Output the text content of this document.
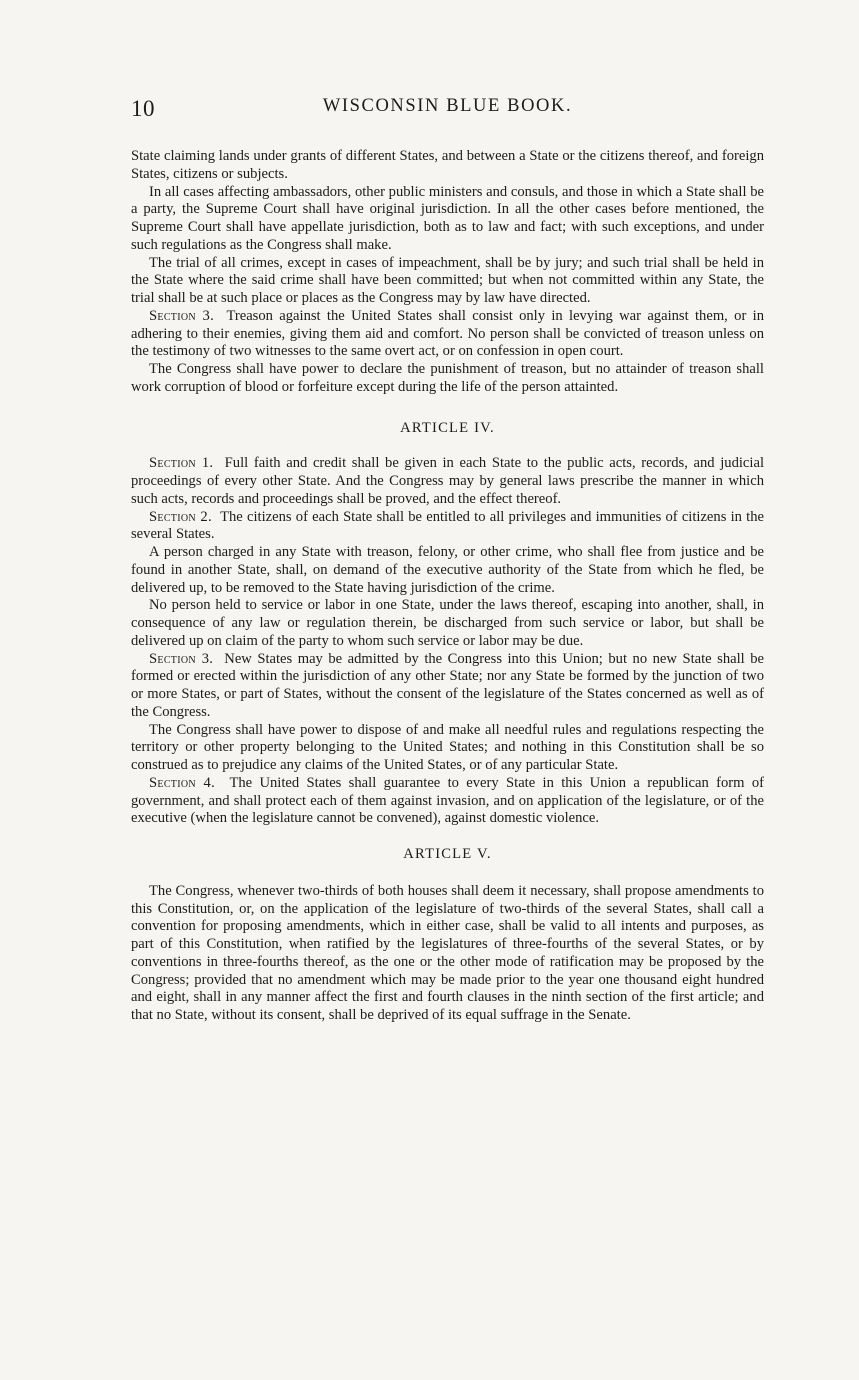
10	WISCONSIN BLUE BOOK.

State claiming lands under grants of different States, and between a State or the citizens thereof, and foreign States, citizens or subjects.

In all cases affecting ambassadors, other public ministers and consuls, and those in which a State shall be a party, the Supreme Court shall have original jurisdiction. In all the other cases before mentioned, the Supreme Court shall have appellate jurisdiction, both as to law and fact; with such exceptions, and under such regulations as the Congress shall make.

The trial of all crimes, except in cases of impeachment, shall be by jury; and such trial shall be held in the State where the said crime shall have been committed; but when not committed within any State, the trial shall be at such place or places as the Congress may by law have directed.

Section 3. Treason against the United States shall consist only in levying war against them, or in adhering to their enemies, giving them aid and comfort. No person shall be convicted of treason unless on the testimony of two witnesses to the same overt act, or on confession in open court.

The Congress shall have power to declare the punishment of treason, but no attainder of treason shall work corruption of blood or forfeiture except during the life of the person attainted.

ARTICLE IV.

Section 1. Full faith and credit shall be given in each State to the public acts, records, and judicial proceedings of every other State. And the Congress may by general laws prescribe the manner in which such acts, records and proceedings shall be proved, and the effect thereof.

Section 2. The citizens of each State shall be entitled to all privileges and immunities of citizens in the several States.

A person charged in any State with treason, felony, or other crime, who shall flee from justice and be found in another State, shall, on demand of the executive authority of the State from which he fled, be delivered up, to be removed to the State having jurisdiction of the crime.

No person held to service or labor in one State, under the laws thereof, escaping into another, shall, in consequence of any law or regulation therein, be discharged from such service or labor, but shall be delivered up on claim of the party to whom such service or labor may be due.

Section 3. New States may be admitted by the Congress into this Union; but no new State shall be formed or erected within the jurisdiction of any other State; nor any State be formed by the junction of two or more States, or part of States, without the consent of the legislature of the States concerned as well as of the Congress.

The Congress shall have power to dispose of and make all needful rules and regulations respecting the territory or other property belonging to the United States; and nothing in this Constitution shall be so construed as to prejudice any claims of the United States, or of any particular State.

Section 4. The United States shall guarantee to every State in this Union a republican form of government, and shall protect each of them against invasion, and on application of the legislature, or of the executive (when the legislature cannot be convened), against domestic violence.

ARTICLE V.

The Congress, whenever two-thirds of both houses shall deem it necessary, shall propose amendments to this Constitution, or, on the application of the legislature of two-thirds of the several States, shall call a convention for proposing amendments, which in either case, shall be valid to all intents and purposes, as part of this Constitution, when ratified by the legislatures of three-fourths of the several States, or by conventions in three-fourths thereof, as the one or the other mode of ratification may be proposed by the Congress; provided that no amendment which may be made prior to the year one thousand eight hundred and eight, shall in any manner affect the first and fourth clauses in the ninth section of the first article; and that no State, without its consent, shall be deprived of its equal suffrage in the Senate.
